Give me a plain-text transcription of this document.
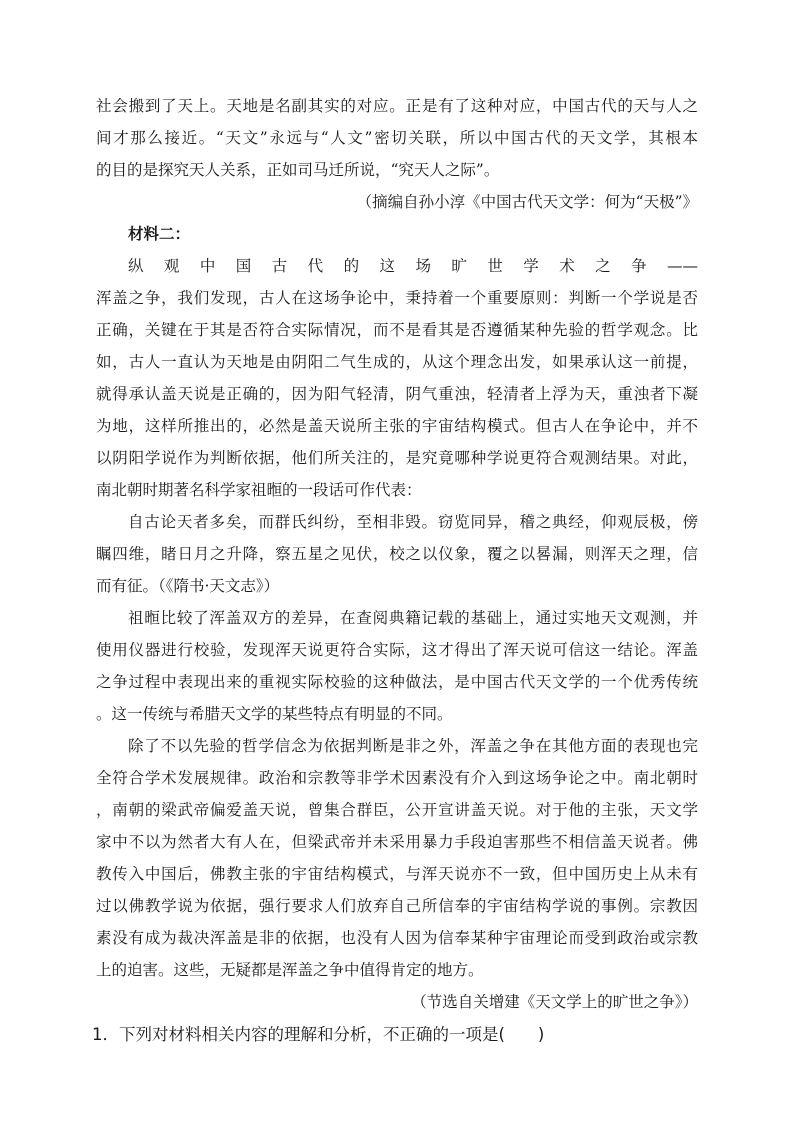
社会搬到了天上。天地是名副其实的对应。正是有了这种对应，中国古代的天与人之
间才那么接近。“天文”永远与“人文”密切关联，所以中国古代的天文学，其根本
的目的是探究天人关系，正如司马迁所说，“究天人之际”。
（摘编自孙小淳《中国古代天文学：何为“天极”》
材料二：
纵 观 中 国 古 代 的 这 场 旷 世 学 术 之 争 ——
浑盖之争，我们发现，古人在这场争论中，秉持着一个重要原则：判断一个学说是否
正确，关键在于其是否符合实际情况，而不是看其是否遵循某种先验的哲学观念。比
如，古人一直认为天地是由阴阳二气生成的，从这个理念出发，如果承认这一前提，
就得承认盖天说是正确的，因为阳气轻清，阴气重浊，轻清者上浮为天，重浊者下凝
为地，这样所推出的，必然是盖天说所主张的宇宙结构模式。但古人在争论中，并不
以阴阳学说作为判断依据，他们所关注的，是究竟哪种学说更符合观测结果。对此，
南北朝时期著名科学家祖暅的一段话可作代表：
自古论天者多矣，而群氏纠纷，至相非毁。窃览同异，稽之典经，仰观辰极，傍
瞩四维，睹日月之升降，察五星之见伏，校之以仪象，覆之以晷漏，则浑天之理，信
而有征。（《隋书·天文志》）
祖暅比较了浑盖双方的差异，在查阅典籍记载的基础上，通过实地天文观测，并
使用仪器进行校验，发现浑天说更符合实际，这才得出了浑天说可信这一结论。浑盖
之争过程中表现出来的重视实际校验的这种做法，是中国古代天文学的一个优秀传统
。这一传统与希腊天文学的某些特点有明显的不同。
除了不以先验的哲学信念为依据判断是非之外，浑盖之争在其他方面的表现也完
全符合学术发展规律。政治和宗教等非学术因素没有介入到这场争论之中。南北朝时
，南朝的梁武帝偏爱盖天说，曾集合群臣，公开宣讲盖天说。对于他的主张，天文学
家中不以为然者大有人在，但梁武帝并未采用暴力手段迫害那些不相信盖天说者。佛
教传入中国后，佛教主张的宇宙结构模式，与浑天说亦不一致，但中国历史上从未有
过以佛教学说为依据，强行要求人们放弃自己所信奉的宇宙结构学说的事例。宗教因
素没有成为裁决浑盖是非的依据，也没有人因为信奉某种宇宙理论而受到政治或宗教
上的迫害。这些，无疑都是浑盖之争中值得肯定的地方。
（节选自关增建《天文学上的旷世之争》）
1．下列对材料相关内容的理解和分析，不正确的一项是(　　)
